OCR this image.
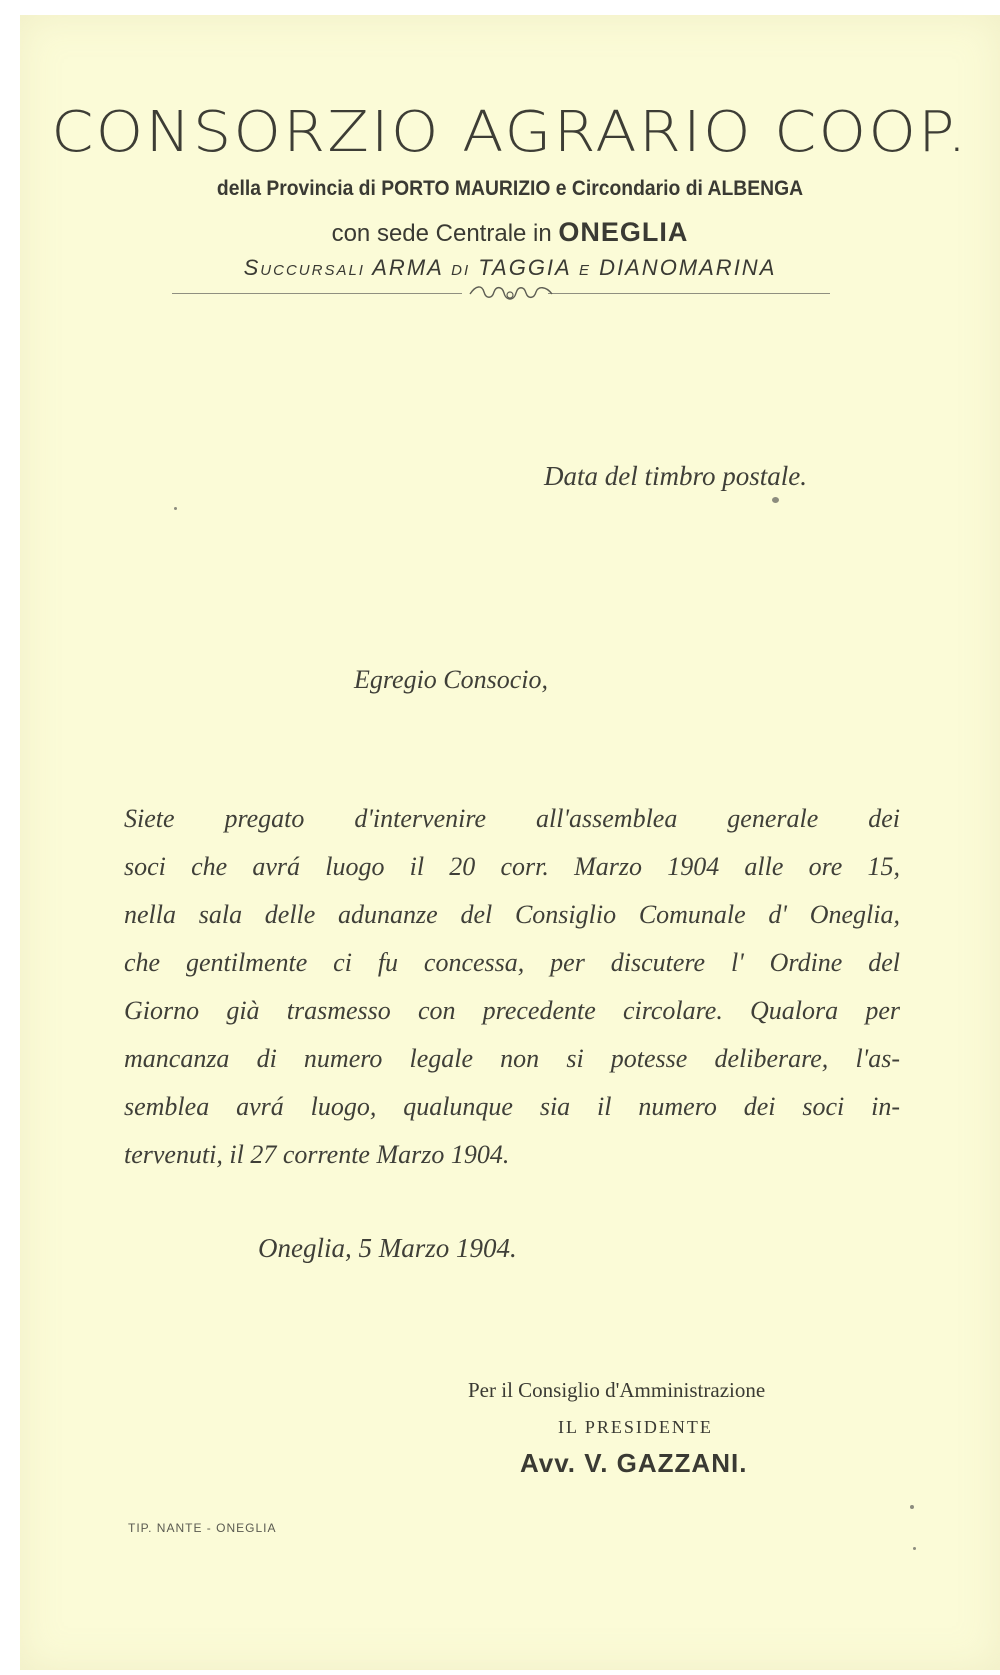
CONSORZIO AGRARIO COOP.
della Provincia di PORTO MAURIZIO e Circondario di ALBENGA
con sede Centrale in ONEGLIA
Succursali ARMA di TAGGIA e DIANOMARINA
Data del timbro postale.
Egregio Consocio,
Siete pregato d'intervenire all'assemblea generale dei
soci che avrá luogo il 20 corr. Marzo 1904 alle ore 15,
nella sala delle adunanze del Consiglio Comunale d' Oneglia,
che gentilmente ci fu concessa, per discutere l' Ordine del
Giorno già trasmesso con precedente circolare. Qualora per
mancanza di numero legale non si potesse deliberare, l'as-
semblea avrá luogo, qualunque sia il numero dei soci in-
tervenuti, il 27 corrente Marzo 1904.
Oneglia, 5 Marzo 1904.
Per il Consiglio d'Amministrazione
IL PRESIDENTE
Avv. V. GAZZANI.
TIP. NANTE - ONEGLIA
